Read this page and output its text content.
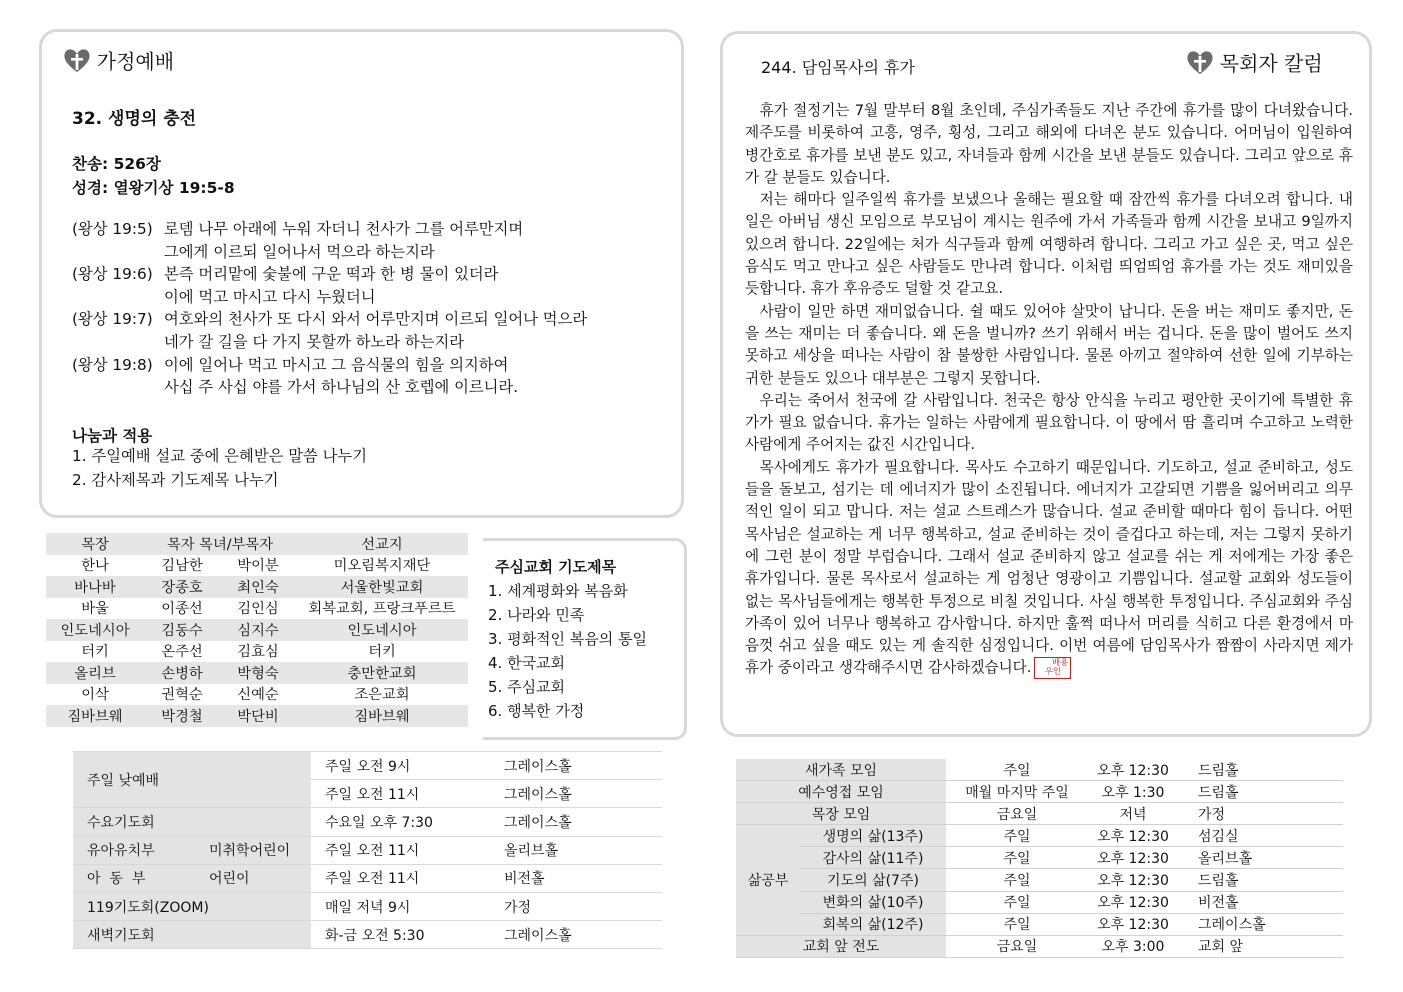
가정예배
32. 생명의 충전
찬송: 526장
성경: 열왕기상 19:5-8
(왕상 19:5) 로뎀 나무 아래에 누워 자더니 천사가 그를 어루만지며
그에게 이르되 일어나서 먹으라 하는지라
(왕상 19:6) 본즉 머리맡에 숯불에 구운 떡과 한 병 물이 있더라
이에 먹고 마시고 다시 누웠더니
(왕상 19:7) 여호와의 천사가 또 다시 와서 어루만지며 이르되 일어나 먹으라
네가 갈 길을 다 가지 못할까 하노라 하는지라
(왕상 19:8) 이에 일어나 먹고 마시고 그 음식물의 힘을 의지하여
사십 주 사십 야를 가서 하나님의 산 호렙에 이르니라.
나눔과 적용
1. 주일예배 설교 중에 은혜받은 말씀 나누기
2. 감사제목과 기도제목 나누기
목장	목자 목녀/부목자		선교지
한나	김남한	박이분	미오림복지재단
바나바	장종호	최인숙	서울한빛교회
바울	이종선	김인심	회복교회, 프랑크푸르트
인도네시아	김동수	심지수	인도네시아
터키	온주선	김효심	터키
올리브	손병하	박형숙	충만한교회
이삭	권혁순	신예순	조은교회
짐바브웨	박경철	박단비	짐바브웨
주심교회 기도제목
1. 세계평화와 복음화
2. 나라와 민족
3. 평화적인 복음의 통일
4. 한국교회
5. 주심교회
6. 행복한 가정
주일 낮예배		주일 오전 9시	그레이스홀
		주일 오전 11시	그레이스홀
수요기도회		수요일 오후 7:30	그레이스홀
유아유치부	미취학어린이	주일 오전 11시	올리브홀
아  동  부	어린이	주일 오전 11시	비전홀
119기도회(ZOOM)		매일 저녁 9시	가정
새벽기도회		화-금 오전 5:30	그레이스홀
244. 담임목사의 휴가	목회자 칼럼

휴가 절정기는 7월 말부터 8월 초인데, 주심가족들도 지난 주간에 휴가를 많이 다녀왔습니다. 제주도를 비롯하여 고흥, 영주, 횡성, 그리고 해외에 다녀온 분도 있습니다. 어머님이 입원하여 병간호로 휴가를 보낸 분도 있고, 자녀들과 함께 시간을 보낸 분들도 있습니다. 그리고 앞으로 휴가 갈 분들도 있습니다.

저는 해마다 일주일씩 휴가를 보냈으나 올해는 필요할 때 잠깐씩 휴가를 다녀오려 합니다. 내일은 아버님 생신 모임으로 부모님이 계시는 원주에 가서 가족들과 함께 시간을 보내고 9일까지 있으려 합니다. 22일에는 처가 식구들과 함께 여행하려 합니다. 그리고 가고 싶은 곳, 먹고 싶은 음식도 먹고 만나고 싶은 사람들도 만나려 합니다. 이처럼 띄엄띄엄 휴가를 가는 것도 재미있을 듯합니다. 휴가 후유증도 덜할 것 같고요.

사람이 일만 하면 재미없습니다. 쉴 때도 있어야 살맛이 납니다. 돈을 버는 재미도 좋지만, 돈을 쓰는 재미는 더 좋습니다. 왜 돈을 벌니까? 쓰기 위해서 버는 겁니다. 돈을 많이 벌어도 쓰지 못하고 세상을 떠나는 사람이 참 불쌍한 사람입니다. 물론 아끼고 절약하여 선한 일에 기부하는 귀한 분들도 있으나 대부분은 그렇지 못합니다.

우리는 죽어서 천국에 갈 사람입니다. 천국은 항상 안식을 누리고 평안한 곳이기에 특별한 휴가가 필요 없습니다. 휴가는 일하는 사람에게 필요합니다. 이 땅에서 땀 흘리며 수고하고 노력한 사람에게 주어지는 값진 시간입니다.

목사에게도 휴가가 필요합니다. 목사도 수고하기 때문입니다. 기도하고, 설교 준비하고, 성도들을 돌보고, 섬기는 데 에너지가 많이 소진됩니다. 에너지가 고갈되면 기쁨을 잃어버리고 의무적인 일이 되고 맙니다. 저는 설교 스트레스가 많습니다. 설교 준비할 때마다 힘이 듭니다. 어떤 목사님은 설교하는 게 너무 행복하고, 설교 준비하는 것이 즐겁다고 하는데, 저는 그렇지 못하기에 그런 분이 정말 부럽습니다. 그래서 설교 준비하지 않고 설교를 쉬는 게 저에게는 가장 좋은 휴가입니다. 물론 목사로서 설교하는 게 엄청난 영광이고 기쁨입니다. 설교할 교회와 성도들이 없는 목사님들에게는 행복한 투정으로 비칠 것입니다. 사실 행복한 투정입니다. 주심교회와 주심가족이 있어 너무나 행복하고 감사합니다. 하지만 훌쩍 떠나서 머리를 식히고 다른 환경에서 마음껏 쉬고 싶을 때도 있는 게 솔직한 심정입니다. 이번 여름에 담임목사가 짬짬이 사라지면 제가 휴가 중이라고 생각해주시면 감사하겠습니다. 배용
우인

새가족 모임		주일	오후 12:30	드림홀
예수영접 모임		매월 마지막 주일	오후 1:30	드림홀
목장 모임		금요일	저녁	가정
삶공부	생명의 삶(13주)	주일	오후 12:30	섬김실
	감사의 삶(11주)	주일	오후 12:30	올리브홀
	기도의 삶(7주)	주일	오후 12:30	드림홀
	변화의 삶(10주)	주일	오후 12:30	비전홀
	회복의 삶(12주)	주일	오후 12:30	그레이스홀
교회 앞 전도		금요일	오후 3:00	교회 앞
